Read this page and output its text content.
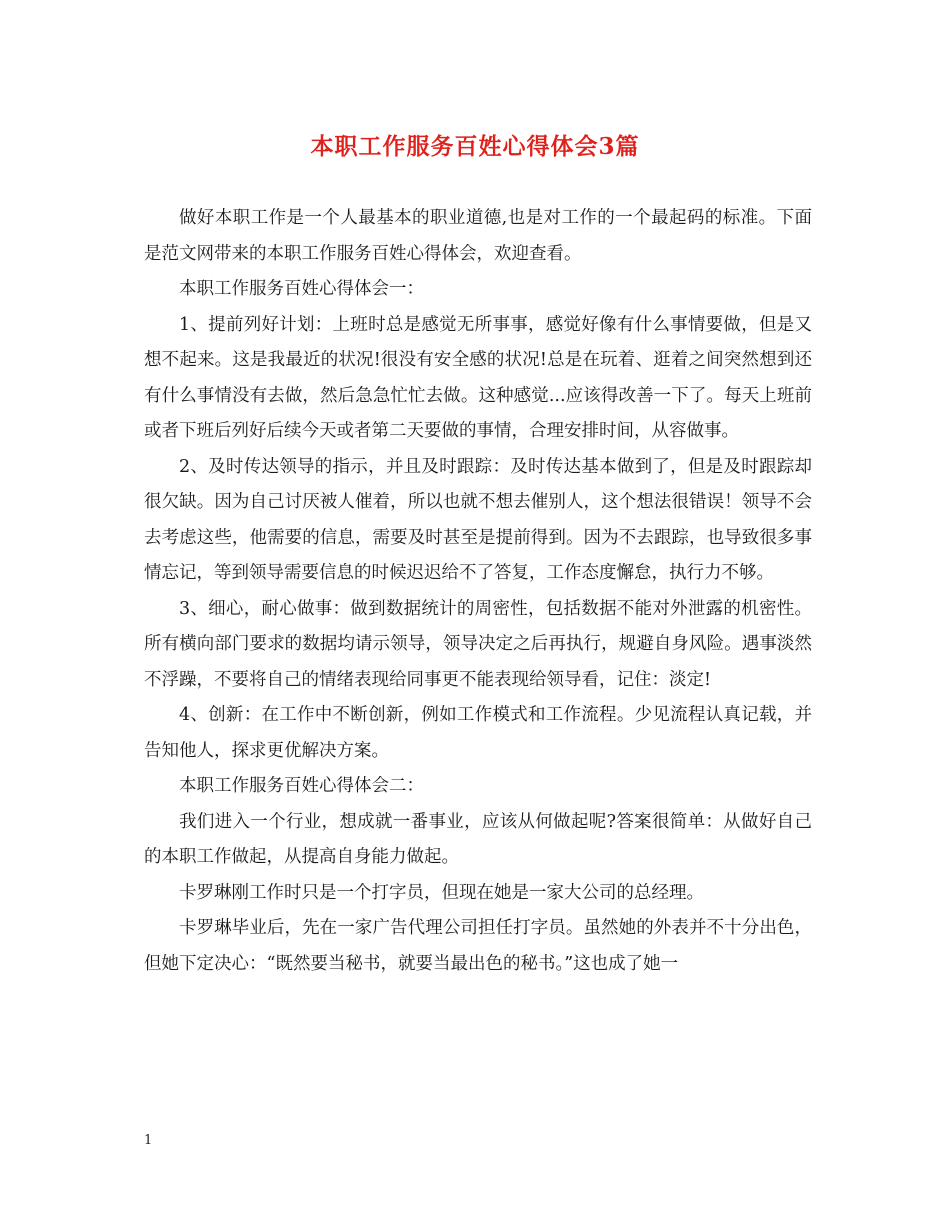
本职工作服务百姓心得体会3篇

做好本职工作是一个人最基本的职业道德,也是对工作的一个最起码的标准。下面是范文网带来的本职工作服务百姓心得体会，欢迎查看。

本职工作服务百姓心得体会一：

1、提前列好计划：上班时总是感觉无所事事，感觉好像有什么事情要做，但是又想不起来。这是我最近的状况!很没有安全感的状况!总是在玩着、逛着之间突然想到还有什么事情没有去做，然后急急忙忙去做。这种感觉...应该得改善一下了。每天上班前或者下班后列好后续今天或者第二天要做的事情，合理安排时间，从容做事。

2、及时传达领导的指示，并且及时跟踪：及时传达基本做到了，但是及时跟踪却很欠缺。因为自己讨厌被人催着，所以也就不想去催别人，这个想法很错误！领导不会去考虑这些，他需要的信息，需要及时甚至是提前得到。因为不去跟踪，也导致很多事情忘记，等到领导需要信息的时候迟迟给不了答复，工作态度懈怠，执行力不够。

3、细心，耐心做事：做到数据统计的周密性，包括数据不能对外泄露的机密性。所有横向部门要求的数据均请示领导，领导决定之后再执行，规避自身风险。遇事淡然不浮躁，不要将自己的情绪表现给同事更不能表现给领导看，记住：淡定!

4、创新：在工作中不断创新，例如工作模式和工作流程。少见流程认真记载，并告知他人，探求更优解决方案。

本职工作服务百姓心得体会二：

我们进入一个行业，想成就一番事业，应该从何做起呢?答案很简单：从做好自己的本职工作做起，从提高自身能力做起。

卡罗琳刚工作时只是一个打字员，但现在她是一家大公司的总经理。

卡罗琳毕业后，先在一家广告代理公司担任打字员。虽然她的外表并不十分出色，但她下定决心：“既然要当秘书，就要当最出色的秘书。”这也成了她一

1
